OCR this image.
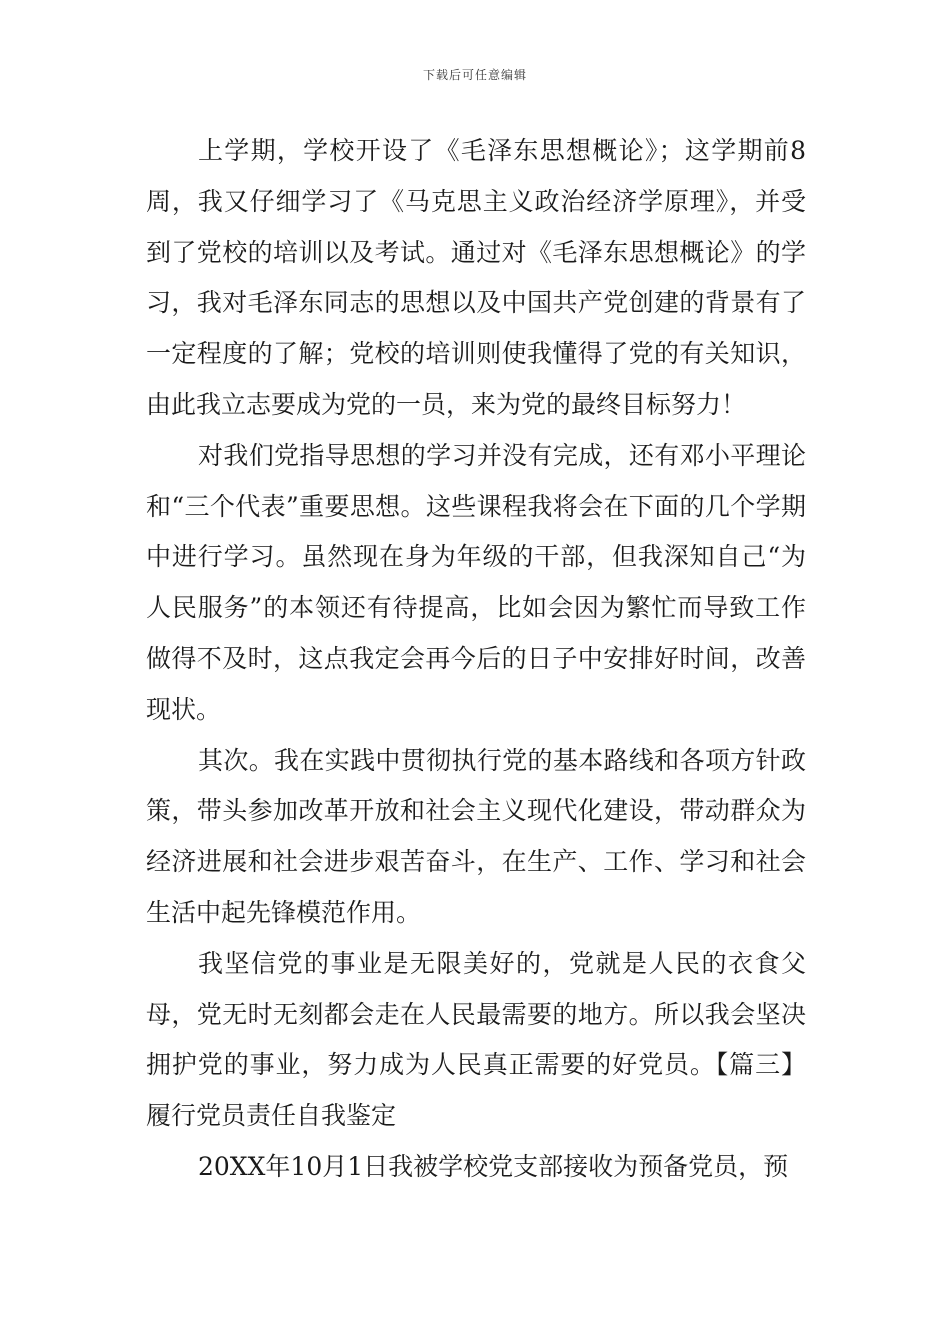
下载后可任意编辑

上学期，学校开设了《毛泽东思想概论》；这学期前8周，我又仔细学习了《马克思主义政治经济学原理》，并受到了党校的培训以及考试。通过对《毛泽东思想概论》的学习，我对毛泽东同志的思想以及中国共产党创建的背景有了一定程度的了解；党校的培训则使我懂得了党的有关知识，由此我立志要成为党的一员，来为党的最终目标努力！

对我们党指导思想的学习并没有完成，还有邓小平理论和“三个代表”重要思想。这些课程我将会在下面的几个学期中进行学习。虽然现在身为年级的干部，但我深知自己“为人民服务”的本领还有待提高，比如会因为繁忙而导致工作做得不及时，这点我定会再今后的日子中安排好时间，改善现状。

其次。我在实践中贯彻执行党的基本路线和各项方针政策，带头参加改革开放和社会主义现代化建设，带动群众为经济进展和社会进步艰苦奋斗，在生产、工作、学习和社会生活中起先锋模范作用。

我坚信党的事业是无限美好的，党就是人民的衣食父母，党无时无刻都会走在人民最需要的地方。所以我会坚决拥护党的事业，努力成为人民真正需要的好党员。【篇三】履行党员责任自我鉴定

20XX年10月1日我被学校党支部接收为预备党员，预
